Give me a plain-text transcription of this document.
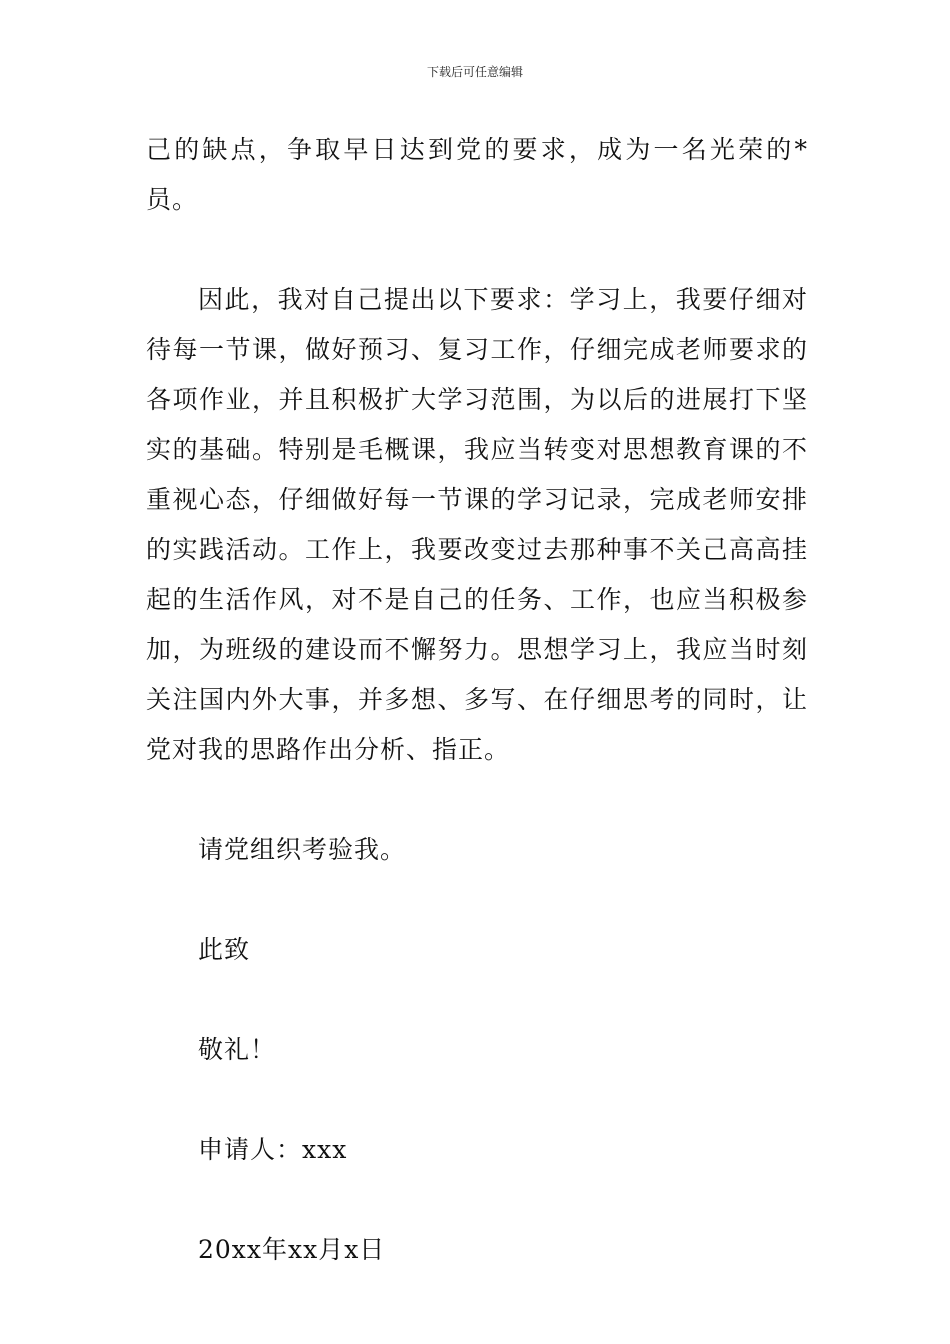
下载后可任意编辑

己的缺点，争取早日达到党的要求，成为一名光荣的*员。

因此，我对自己提出以下要求：学习上，我要仔细对待每一节课，做好预习、复习工作，仔细完成老师要求的各项作业，并且积极扩大学习范围，为以后的进展打下坚实的基础。特别是毛概课，我应当转变对思想教育课的不重视心态，仔细做好每一节课的学习记录，完成老师安排的实践活动。工作上，我要改变过去那种事不关己高高挂起的生活作风，对不是自己的任务、工作，也应当积极参加，为班级的建设而不懈努力。思想学习上，我应当时刻关注国内外大事，并多想、多写、在仔细思考的同时，让党对我的思路作出分析、指正。

请党组织考验我。

此致

敬礼！

申请人：xxx

20xx年xx月x日
